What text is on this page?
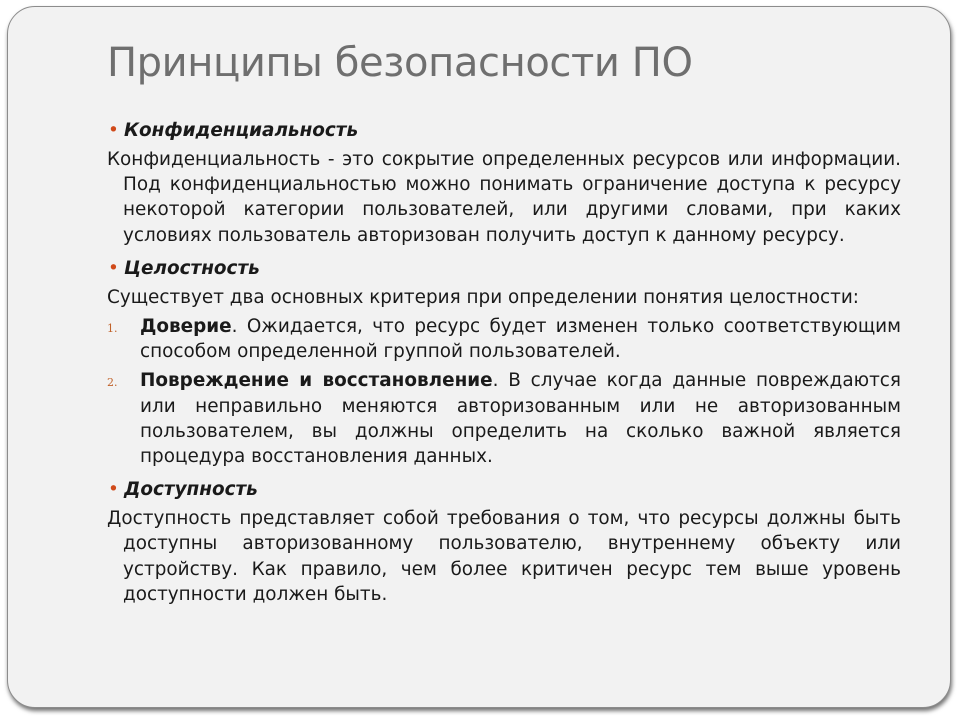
Принципы безопасности ПО
• Конфиденциальность
Конфиденциальность - это сокрытие определенных ресурсов или информации. Под конфиденциальностью можно понимать ограничение доступа к ресурсу некоторой категории пользователей, или другими словами, при каких условиях пользователь авторизован получить доступ к данному ресурсу.
• Целостность
Существует два основных критерия при определении понятия целостности:
1. Доверие. Ожидается, что ресурс будет изменен только соответствующим способом определенной группой пользователей.
2. Повреждение и восстановление. В случае когда данные повреждаются или неправильно меняются авторизованным или не авторизованным пользователем, вы должны определить на сколько важной является процедура восстановления данных.
• Доступность
Доступность представляет собой требования о том, что ресурсы должны быть доступны авторизованному пользователю, внутреннему объекту или устройству. Как правило, чем более критичен ресурс тем выше уровень доступности должен быть.
